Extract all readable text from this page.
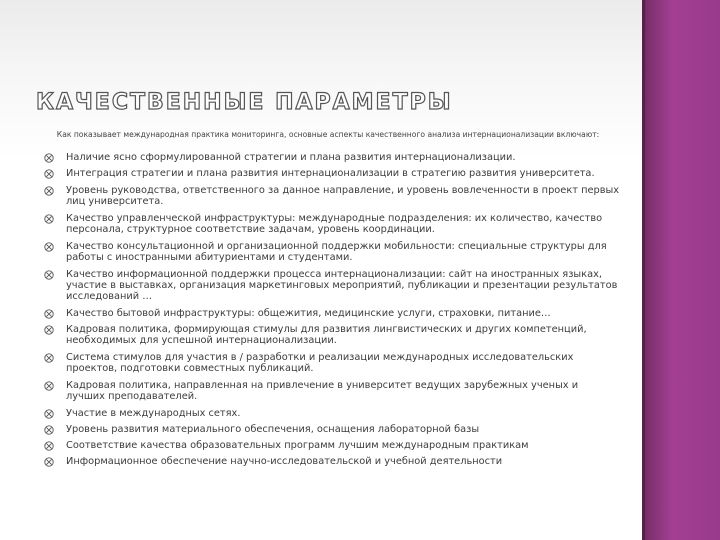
КАЧЕСТВЕННЫЕ ПАРАМЕТРЫ
Как показывает международная практика мониторинга, основные аспекты качественного анализа интернационализации включают:
Наличие ясно сформулированной стратегии и плана развития интернационализации.
Интеграция стратегии и плана развития интернационализации в стратегию развития университета.
Уровень руководства, ответственного за данное направление, и уровень вовлеченности в проект первых лиц университета.
Качество управленческой инфраструктуры: международные подразделения: их количество, качество персонала, структурное соответствие задачам, уровень координации.
Качество консультационной и организационной поддержки мобильности: специальные структуры для работы с иностранными абитуриентами и студентами.
Качество информационной поддержки процесса интернационализации: сайт на иностранных языках, участие в выставках, организация маркетинговых мероприятий, публикации и презентации результатов исследований …
Качество бытовой инфраструктуры: общежития, медицинские услуги, страховки, питание…
Кадровая политика, формирующая стимулы для развития лингвистических и других компетенций, необходимых для успешной интернационализации.
Система стимулов для участия в / разработки и реализации международных исследовательских проектов, подготовки совместных публикаций.
Кадровая политика, направленная на привлечение в университет ведущих зарубежных ученых и лучших преподавателей.
Участие в международных сетях.
Уровень развития материального обеспечения, оснащения лабораторной базы
Соответствие качества образовательных программ лучшим международным практикам
Информационное обеспечение научно-исследовательской и учебной деятельности
